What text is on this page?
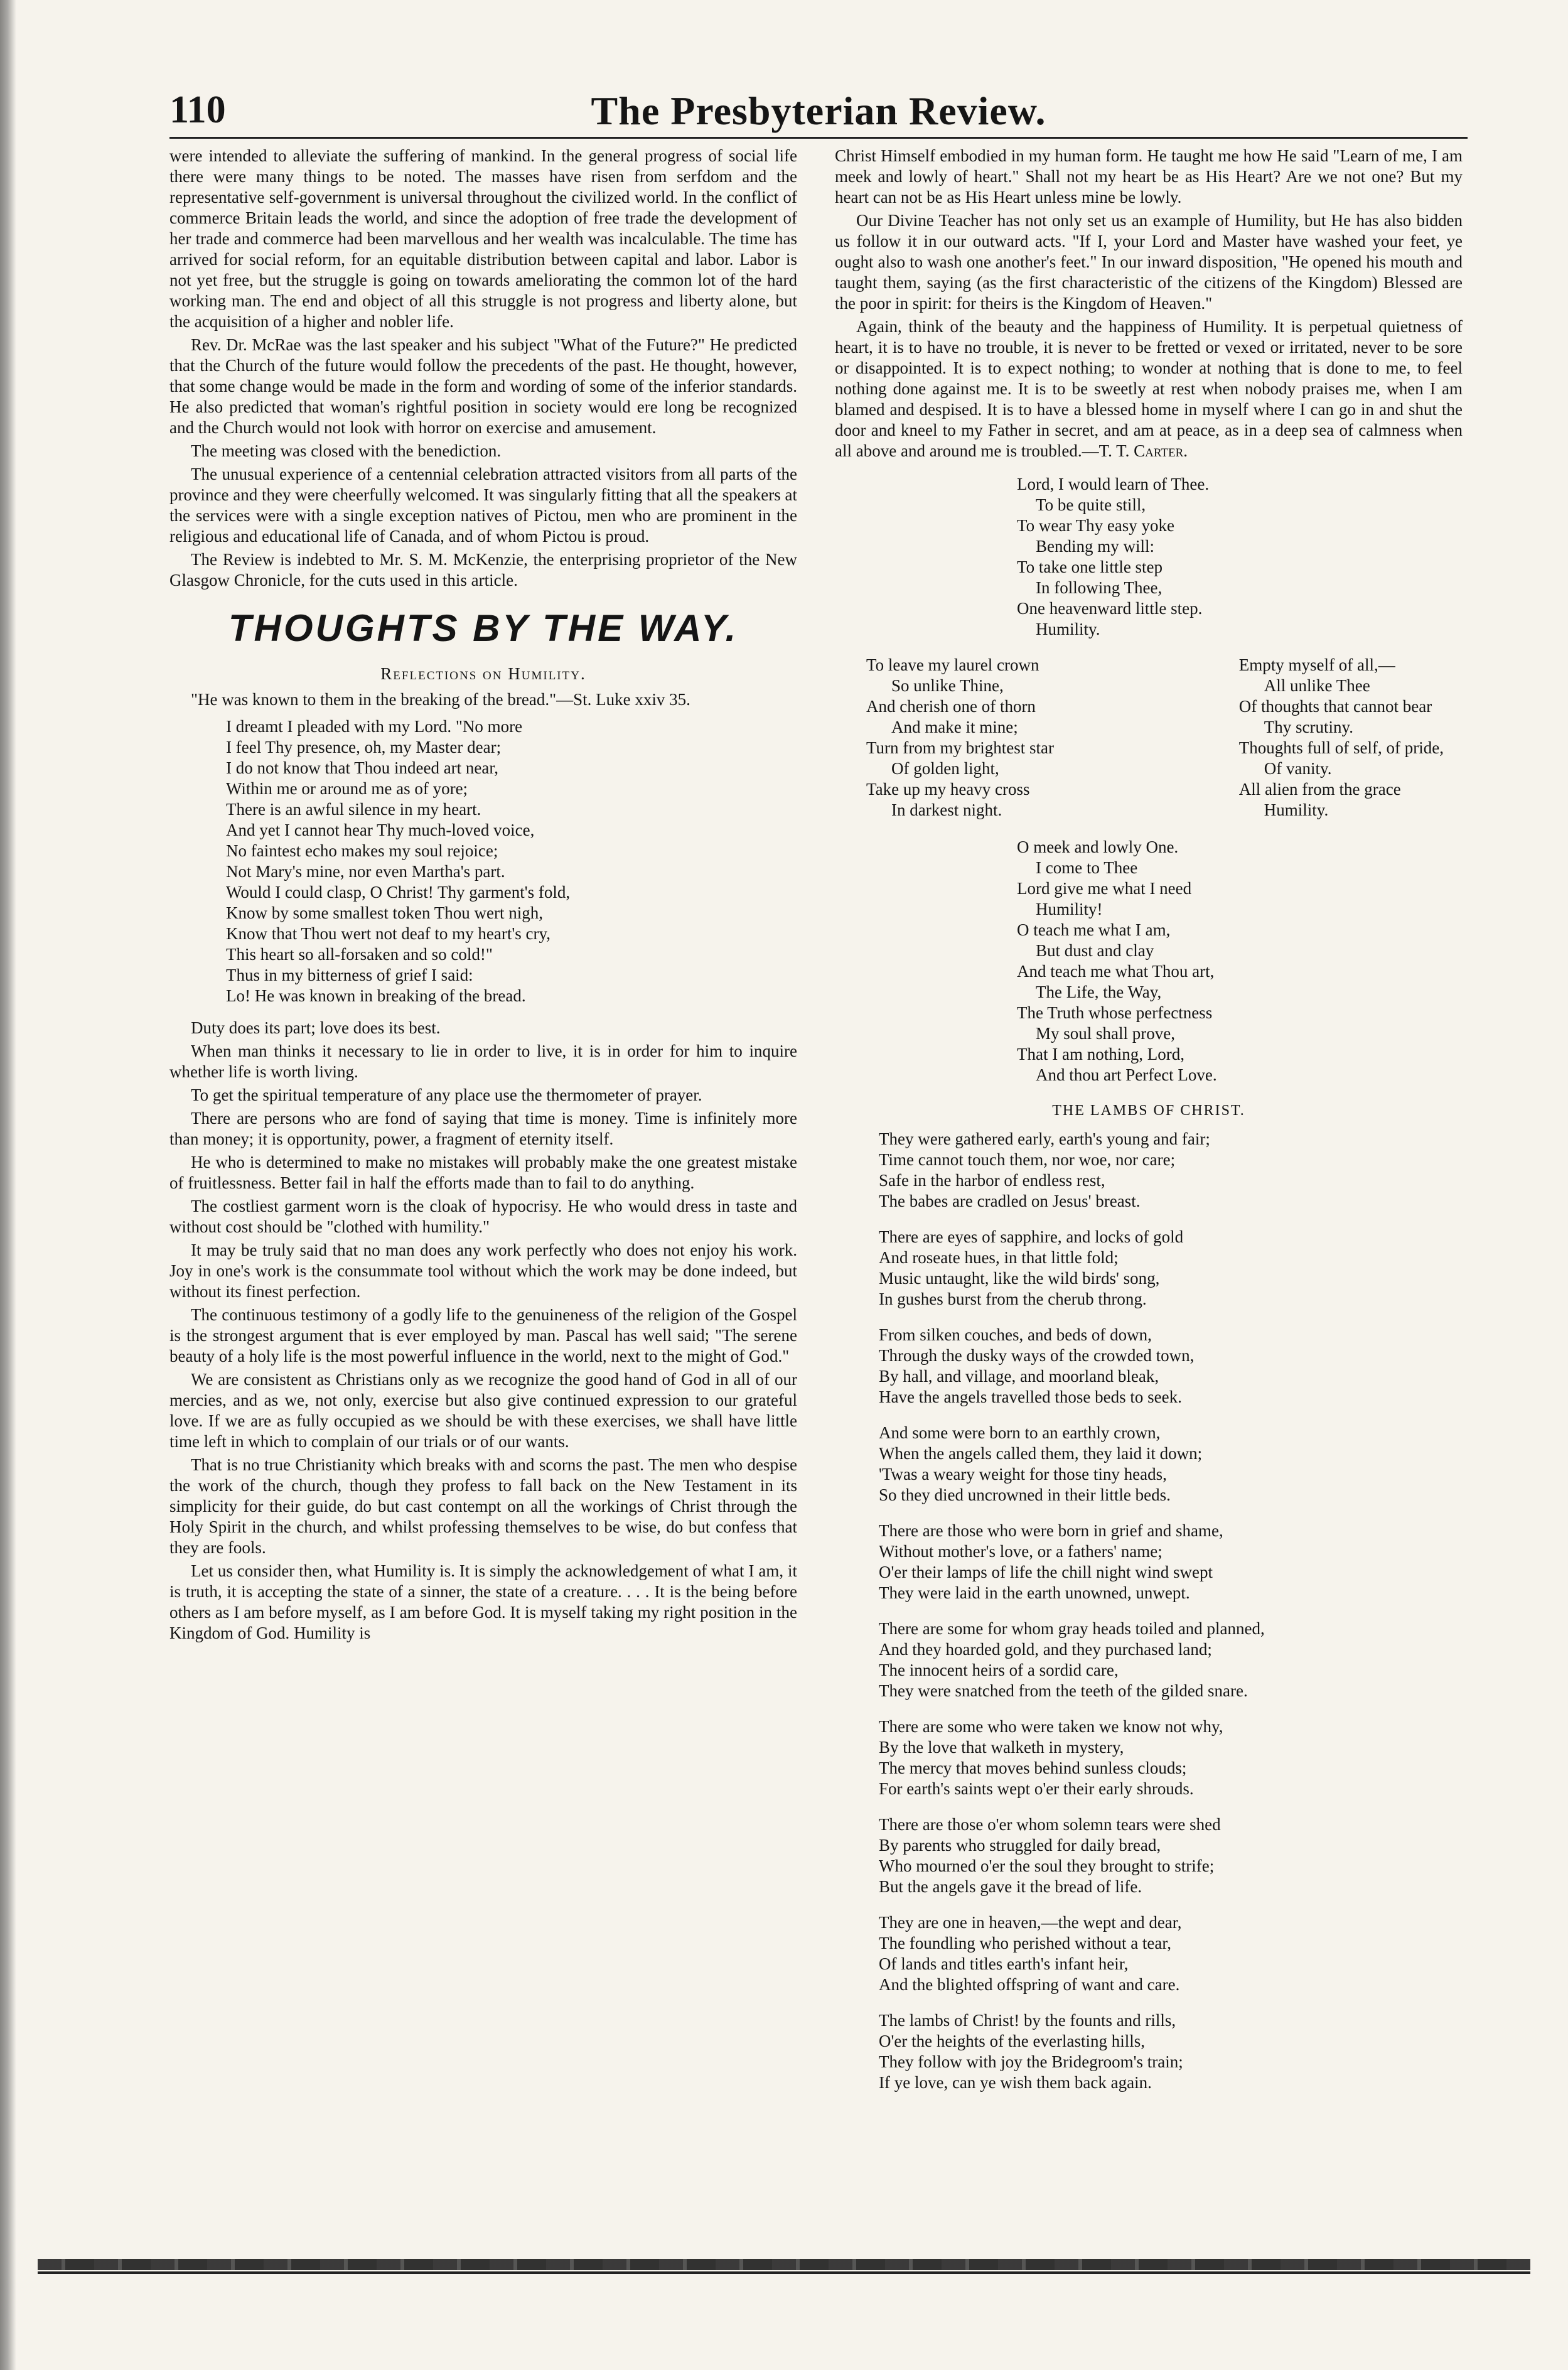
110	The Presbyterian Review.

were intended to alleviate the suffering of mankind. In the general progress of social life there were many things to be noted. The masses have risen from serfdom and the representative self-government is universal throughout the civilized world. In the conflict of commerce Britain leads the world, and since the adoption of free trade the development of her trade and commerce had been marvellous and her wealth was incalculable. The time has arrived for social reform, for an equitable distribution between capital and labor. Labor is not yet free, but the struggle is going on towards ameliorating the common lot of the hard working man. The end and object of all this struggle is not progress and liberty alone, but the acquisition of a higher and nobler life.

Rev. Dr. McRae was the last speaker and his subject "What of the Future?" He predicted that the Church of the future would follow the precedents of the past. He thought, however, that some change would be made in the form and wording of some of the inferior standards. He also predicted that woman's rightful position in society would ere long be recognized and the Church would not look with horror on exercise and amusement.

The meeting was closed with the benediction.

The unusual experience of a centennial celebration attracted visitors from all parts of the province and they were cheerfully welcomed. It was singularly fitting that all the speakers at the services were with a single exception natives of Pictou, men who are prominent in the religious and educational life of Canada, and of whom Pictou is proud.

The Review is indebted to Mr. S. M. McKenzie, the enterprising proprietor of the New Glasgow Chronicle, for the cuts used in this article.

THOUGHTS BY THE WAY.
Reflections on Humility.
"He was known to them in the breaking of the bread."—St. Luke xxiv 35.
I dreamt I pleaded with my Lord. "No more
I feel Thy presence, oh, my Master dear;
I do not know that Thou indeed art near,
Within me or around me as of yore;
There is an awful silence in my heart.
And yet I cannot hear Thy much-loved voice,
No faintest echo makes my soul rejoice;
Not Mary's mine, nor even Martha's part.
Would I could clasp, O Christ! Thy garment's fold,
Know by some smallest token Thou wert nigh,
Know that Thou wert not deaf to my heart's cry,
This heart so all-forsaken and so cold!"
Thus in my bitterness of grief I said:
Lo! He was known in breaking of the bread.

Duty does its part; love does its best.

When man thinks it necessary to lie in order to live, it is in order for him to inquire whether life is worth living.

To get the spiritual temperature of any place use the thermometer of prayer.

There are persons who are fond of saying that time is money. Time is infinitely more than money; it is opportunity, power, a fragment of eternity itself.

He who is determined to make no mistakes will probably make the one greatest mistake of fruitlessness. Better fail in half the efforts made than to fail to do anything.

The costliest garment worn is the cloak of hypocrisy. He who would dress in taste and without cost should be "clothed with humility."

It may be truly said that no man does any work perfectly who does not enjoy his work. Joy in one's work is the consummate tool without which the work may be done indeed, but without its finest perfection.

The continuous testimony of a godly life to the genuineness of the religion of the Gospel is the strongest argument that is ever employed by man. Pascal has well said; "The serene beauty of a holy life is the most powerful influence in the world, next to the might of God."

We are consistent as Christians only as we recognize the good hand of God in all of our mercies, and as we, not only, exercise but also give continued expression to our grateful love. If we are as fully occupied as we should be with these exercises, we shall have little time left in which to complain of our trials or of our wants.

That is no true Christianity which breaks with and scorns the past. The men who despise the work of the church, though they profess to fall back on the New Testament in its simplicity for their guide, do but cast contempt on all the workings of Christ through the Holy Spirit in the church, and whilst professing themselves to be wise, do but confess that they are fools.

Let us consider then, what Humility is. It is simply the acknowledgement of what I am, it is truth, it is accepting the state of a sinner, the state of a creature. . . . It is the being before others as I am before myself, as I am before God. It is myself taking my right position in the Kingdom of God. Humility is

Christ Himself embodied in my human form. He taught me how He said "Learn of me, I am meek and lowly of heart." Shall not my heart be as His Heart? Are we not one? But my heart can not be as His Heart unless mine be lowly.

Our Divine Teacher has not only set us an example of Humility, but He has also bidden us follow it in our outward acts. "If I, your Lord and Master have washed your feet, ye ought also to wash one another's feet." In our inward disposition, "He opened his mouth and taught them, saying (as the first characteristic of the citizens of the Kingdom) Blessed are the poor in spirit: for theirs is the Kingdom of Heaven."

Again, think of the beauty and the happiness of Humility. It is perpetual quietness of heart, it is to have no trouble, it is never to be fretted or vexed or irritated, never to be sore or disappointed. It is to expect nothing; to wonder at nothing that is done to me, to feel nothing done against me. It is to be sweetly at rest when nobody praises me, when I am blamed and despised. It is to have a blessed home in myself where I can go in and shut the door and kneel to my Father in secret, and am at peace, as in a deep sea of calmness when all above and around me is troubled.—T. T. Carter.

Lord, I would learn of Thee.
To be quite still,
To wear Thy easy yoke
Bending my will:
To take one little step
In following Thee,
One heavenward little step.
Humility.
To leave my laurel crown
So unlike Thine,
And cherish one of thorn
And make it mine;
Turn from my brightest star
Of golden light,
Take up my heavy cross
In darkest night.
Empty myself of all,—
All unlike Thee
Of thoughts that cannot bear
Thy scrutiny.
Thoughts full of self, of pride,
Of vanity.
All alien from the grace
Humility.
O meek and lowly One.
I come to Thee
Lord give me what I need
Humility!
O teach me what I am,
But dust and clay
And teach me what Thou art,
The Life, the Way,
The Truth whose perfectness
My soul shall prove,
That I am nothing, Lord,
And thou art Perfect Love.
THE LAMBS OF CHRIST.
They were gathered early, earth's young and fair;
Time cannot touch them, nor woe, nor care;
Safe in the harbor of endless rest,
The babes are cradled on Jesus' breast.
There are eyes of sapphire, and locks of gold
And roseate hues, in that little fold;
Music untaught, like the wild birds' song,
In gushes burst from the cherub throng.
From silken couches, and beds of down,
Through the dusky ways of the crowded town,
By hall, and village, and moorland bleak,
Have the angels travelled those beds to seek.
And some were born to an earthly crown,
When the angels called them, they laid it down;
'Twas a weary weight for those tiny heads,
So they died uncrowned in their little beds.
There are those who were born in grief and shame,
Without mother's love, or a fathers' name;
O'er their lamps of life the chill night wind swept
They were laid in the earth unowned, unwept.
There are some for whom gray heads toiled and planned,
And they hoarded gold, and they purchased land;
The innocent heirs of a sordid care,
They were snatched from the teeth of the gilded snare.
There are some who were taken we know not why,
By the love that walketh in mystery,
The mercy that moves behind sunless clouds;
For earth's saints wept o'er their early shrouds.
There are those o'er whom solemn tears were shed
By parents who struggled for daily bread,
Who mourned o'er the soul they brought to strife;
But the angels gave it the bread of life.
They are one in heaven,—the wept and dear,
The foundling who perished without a tear,
Of lands and titles earth's infant heir,
And the blighted offspring of want and care.
The lambs of Christ! by the founts and rills,
O'er the heights of the everlasting hills,
They follow with joy the Bridegroom's train;
If ye love, can ye wish them back again.
